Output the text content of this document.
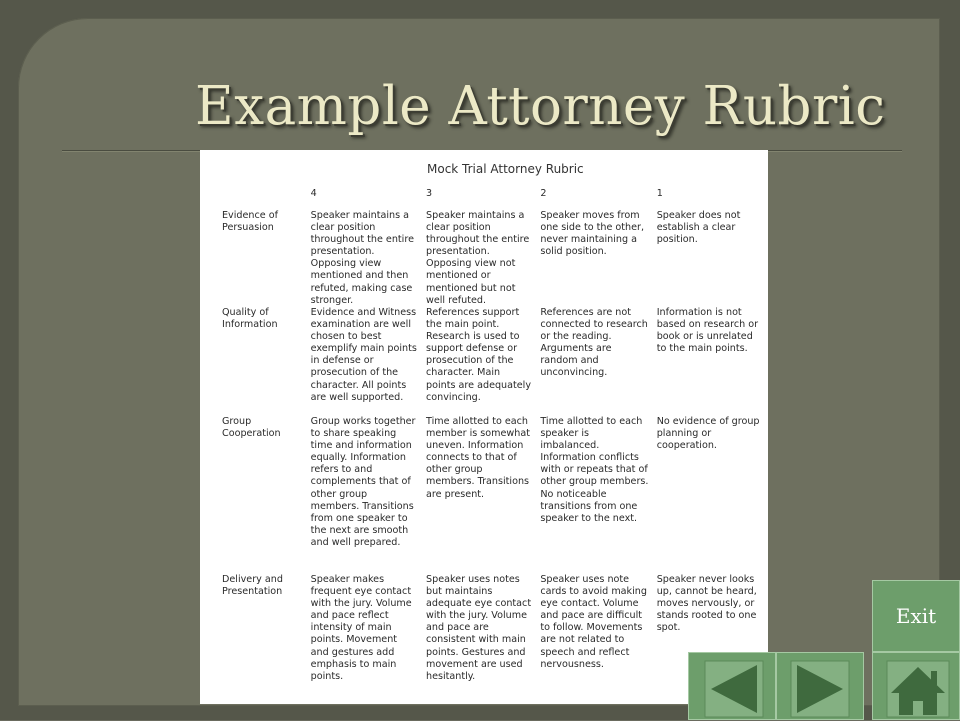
Example Attorney Rubric
Mock Trial Attorney Rubric
	4	3	2	1
Evidence of Persuasion	Speaker maintains a clear position throughout the entire presentation. Opposing view mentioned and then refuted, making case stronger.	Speaker maintains a clear position throughout the entire presentation. Opposing view not mentioned or mentioned but not well refuted.	Speaker moves from one side to the other, never maintaining a solid position.	Speaker does not establish a clear position.
Quality of Information	Evidence and Witness examination are well chosen to best exemplify main points in defense or prosecution of the character. All points are well supported.	References support the main point. Research is used to support defense or prosecution of the character. Main points are adequately convincing.	References are not connected to research or the reading. Arguments are random and unconvincing.	Information is not based on research or book or is unrelated to the main points.
Group Cooperation	Group works together to share speaking time and information equally. Information refers to and complements that of other group members. Transitions from one speaker to the next are smooth and well prepared.	Time allotted to each member is somewhat uneven. Information connects to that of other group members. Transitions are present.	Time allotted to each speaker is imbalanced. Information conflicts with or repeats that of other group members. No noticeable transitions from one speaker to the next.	No evidence of group planning or cooperation.
Delivery and Presentation	Speaker makes frequent eye contact with the jury. Volume and pace reflect intensity of main points. Movement and gestures add emphasis to main points.	Speaker uses notes but maintains adequate eye contact with the jury. Volume and pace are consistent with main points. Gestures and movement are used hesitantly.	Speaker uses note cards to avoid making eye contact. Volume and pace are difficult to follow. Movements are not related to speech and reflect nervousness.	Speaker never looks up, cannot be heard, moves nervously, or stands rooted to one spot.	Exit
